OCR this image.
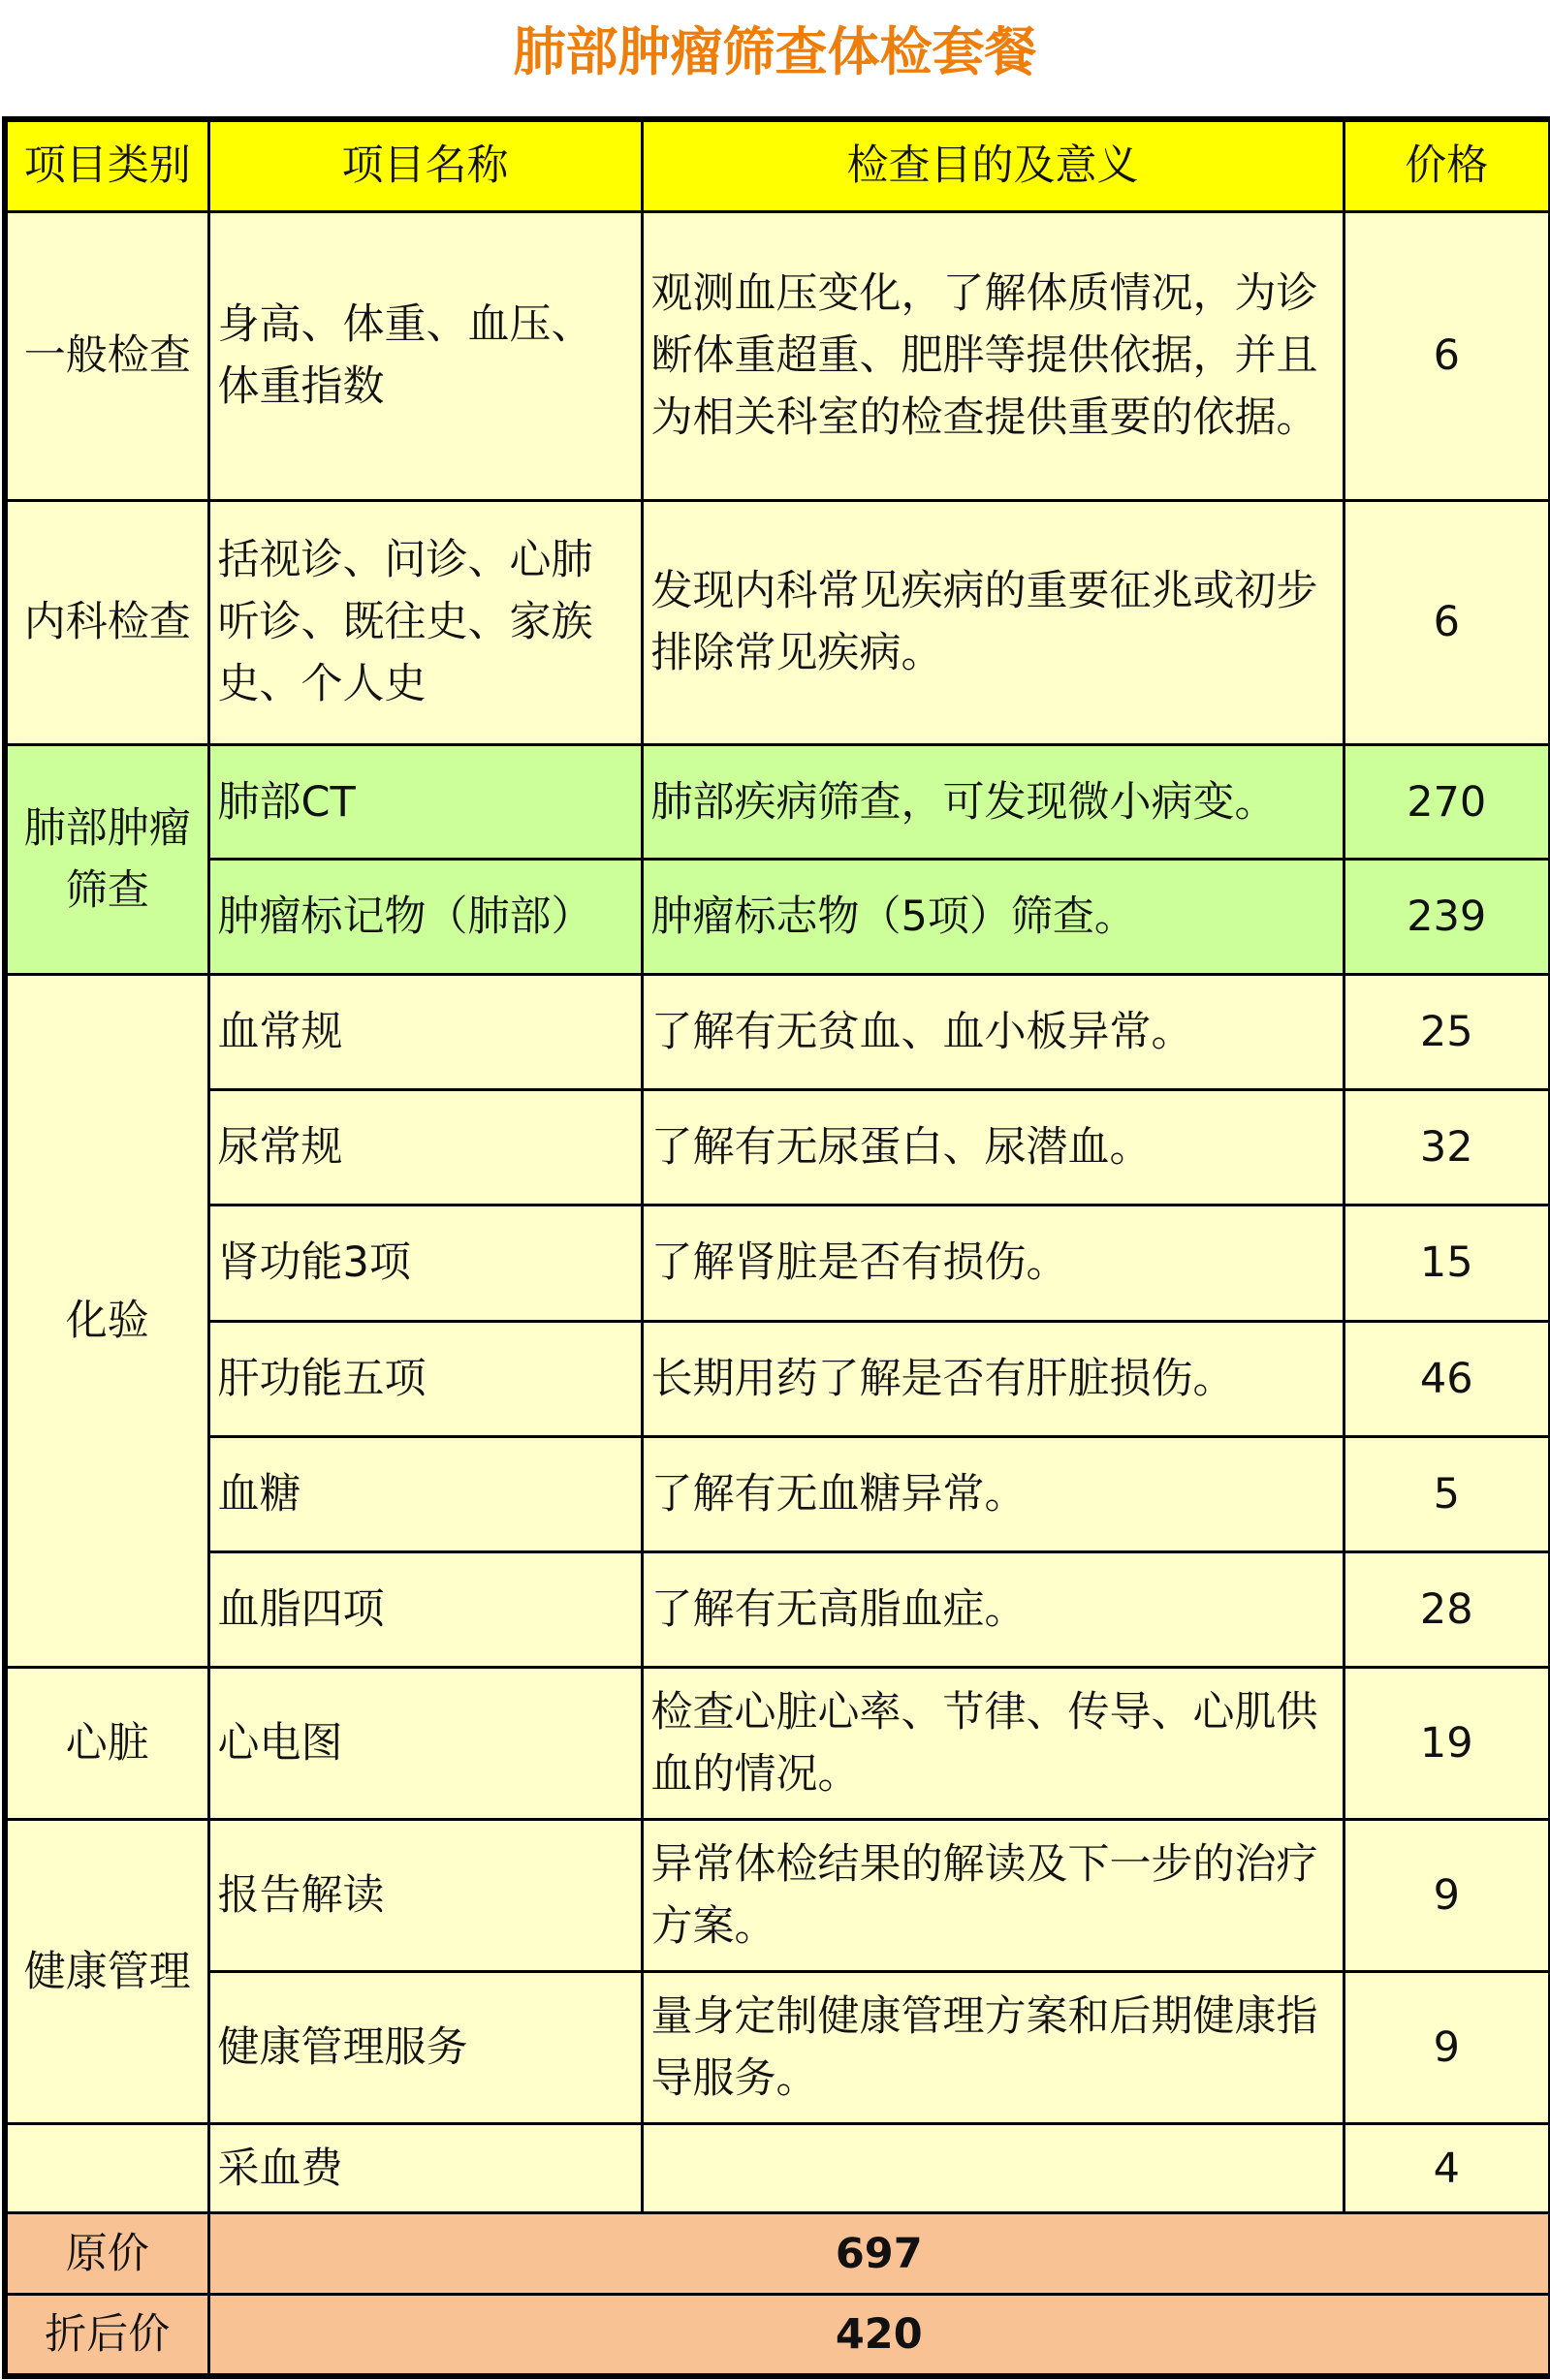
肺部肿瘤筛查体检套餐
项目类别	项目名称	检查目的及意义	价格
一般检查	身高、体重、血压、体重指数	观测血压变化，了解体质情况，为诊断体重超重、肥胖等提供依据，并且为相关科室的检查提供重要的依据。	6
内科检查	括视诊、问诊、心肺听诊、既往史、家族史、个人史	发现内科常见疾病的重要征兆或初步排除常见疾病。	6
肺部肿瘤筛查	肺部CT	肺部疾病筛查，可发现微小病变。	270
	肿瘤标记物（肺部）	肿瘤标志物（5项）筛查。	239
化验	血常规	了解有无贫血、血小板异常。	25
	尿常规	了解有无尿蛋白、尿潜血。	32
	肾功能3项	了解肾脏是否有损伤。	15
	肝功能五项	长期用药了解是否有肝脏损伤。	46
	血糖	了解有无血糖异常。	5
	血脂四项	了解有无高脂血症。	28
心脏	心电图	检查心脏心率、节律、传导、心肌供血的情况。	19
健康管理	报告解读	异常体检结果的解读及下一步的治疗方案。	9
	健康管理服务	量身定制健康管理方案和后期健康指导服务。	9
	采血费		4
原价	697		
折后价	420		
